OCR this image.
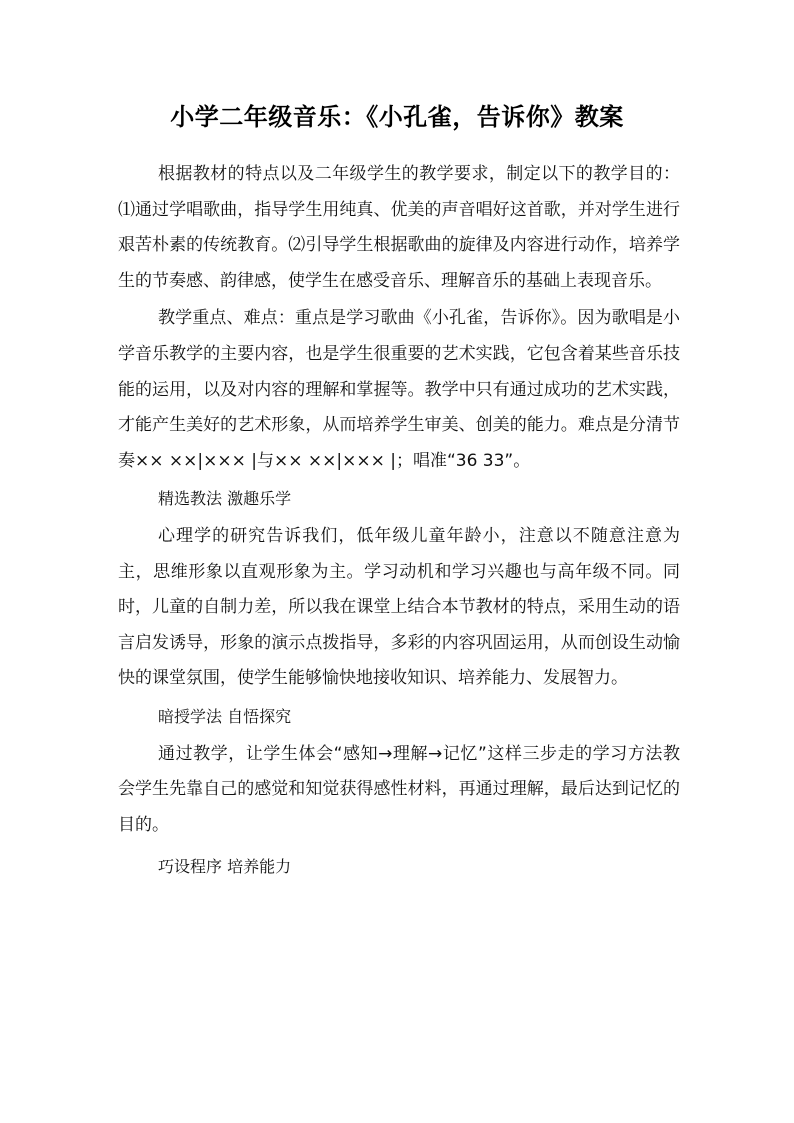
小学二年级音乐：《小孔雀，告诉你》教案

根据教材的特点以及二年级学生的教学要求，制定以下的教学目的：⑴通过学唱歌曲，指导学生用纯真、优美的声音唱好这首歌，并对学生进行艰苦朴素的传统教育。⑵引导学生根据歌曲的旋律及内容进行动作，培养学生的节奏感、韵律感，使学生在感受音乐、理解音乐的基础上表现音乐。

教学重点、难点：重点是学习歌曲《小孔雀，告诉你》。因为歌唱是小学音乐教学的主要内容，也是学生很重要的艺术实践，它包含着某些音乐技能的运用，以及对内容的理解和掌握等。教学中只有通过成功的艺术实践，才能产生美好的艺术形象，从而培养学生审美、创美的能力。难点是分清节奏×× ××|××× |与×× ××|××× |；唱准“36 33”。

精选教法 激趣乐学

心理学的研究告诉我们，低年级儿童年龄小，注意以不随意注意为主，思维形象以直观形象为主。学习动机和学习兴趣也与高年级不同。同时，儿童的自制力差，所以我在课堂上结合本节教材的特点，采用生动的语言启发诱导，形象的演示点拨指导，多彩的内容巩固运用，从而创设生动愉快的课堂氛围，使学生能够愉快地接收知识、培养能力、发展智力。

暗授学法 自悟探究

通过教学，让学生体会“感知→理解→记忆”这样三步走的学习方法教会学生先靠自己的感觉和知觉获得感性材料，再通过理解，最后达到记忆的目的。

巧设程序 培养能力
